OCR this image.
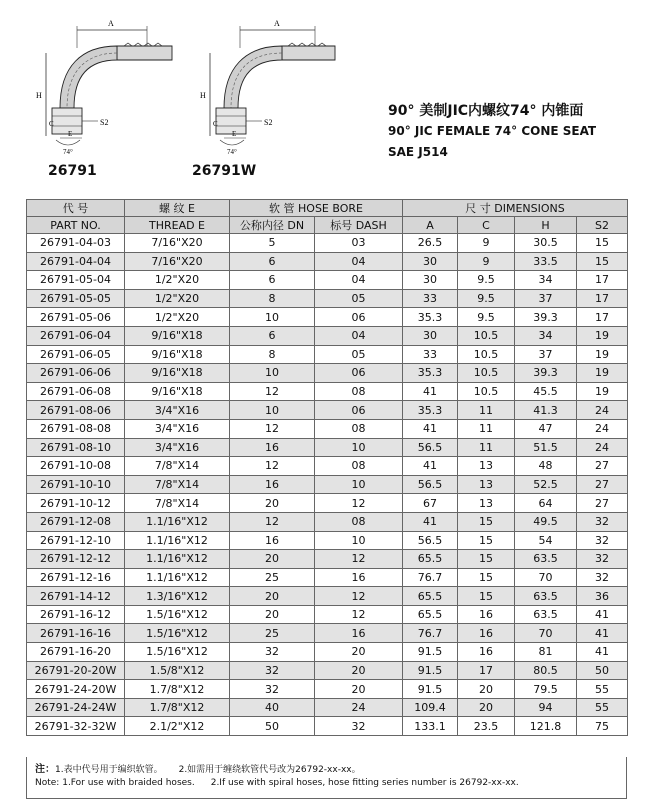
A
H
S2
C
E
74°
A
H
S2
C
E
74°
26791	26791W
90° 美制JIC内螺纹74° 内锥面
90° JIC FEMALE 74° CONE SEAT
SAE J514
代 号	螺 纹 E	软 管 HOSE BORE		尺 寸 DIMENSIONS			
PART NO.	THREAD E	公称内径 DN	标号 DASH	A	C	H	S2
26791-04-03	7/16"X20	5	03	26.5	9	30.5	15
26791-04-04	7/16"X20	6	04	30	9	33.5	15
26791-05-04	1/2"X20	6	04	30	9.5	34	17
26791-05-05	1/2"X20	8	05	33	9.5	37	17
26791-05-06	1/2"X20	10	06	35.3	9.5	39.3	17
26791-06-04	9/16"X18	6	04	30	10.5	34	19
26791-06-05	9/16"X18	8	05	33	10.5	37	19
26791-06-06	9/16"X18	10	06	35.3	10.5	39.3	19
26791-06-08	9/16"X18	12	08	41	10.5	45.5	19
26791-08-06	3/4"X16	10	06	35.3	11	41.3	24
26791-08-08	3/4"X16	12	08	41	11	47	24
26791-08-10	3/4"X16	16	10	56.5	11	51.5	24
26791-10-08	7/8"X14	12	08	41	13	48	27
26791-10-10	7/8"X14	16	10	56.5	13	52.5	27
26791-10-12	7/8"X14	20	12	67	13	64	27
26791-12-08	1.1/16"X12	12	08	41	15	49.5	32
26791-12-10	1.1/16"X12	16	10	56.5	15	54	32
26791-12-12	1.1/16"X12	20	12	65.5	15	63.5	32
26791-12-16	1.1/16"X12	25	16	76.7	15	70	32
26791-14-12	1.3/16"X12	20	12	65.5	15	63.5	36
26791-16-12	1.5/16"X12	20	12	65.5	16	63.5	41
26791-16-16	1.5/16"X12	25	16	76.7	16	70	41
26791-16-20	1.5/16"X12	32	20	91.5	16	81	41
26791-20-20W	1.5/8"X12	32	20	91.5	17	80.5	50
26791-24-20W	1.7/8"X12	32	20	91.5	20	79.5	55
26791-24-24W	1.7/8"X12	40	24	109.4	20	94	55
26791-32-32W	2.1/2"X12	50	32	133.1	23.5	121.8	75
注：1.表中代号用于编织软管。 2.如需用于缠绕软管代号改为26792-xx-xx。
Note: 1.For use with braided hoses. 2.If use with spiral hoses, hose fitting series number is 26792-xx-xx.
